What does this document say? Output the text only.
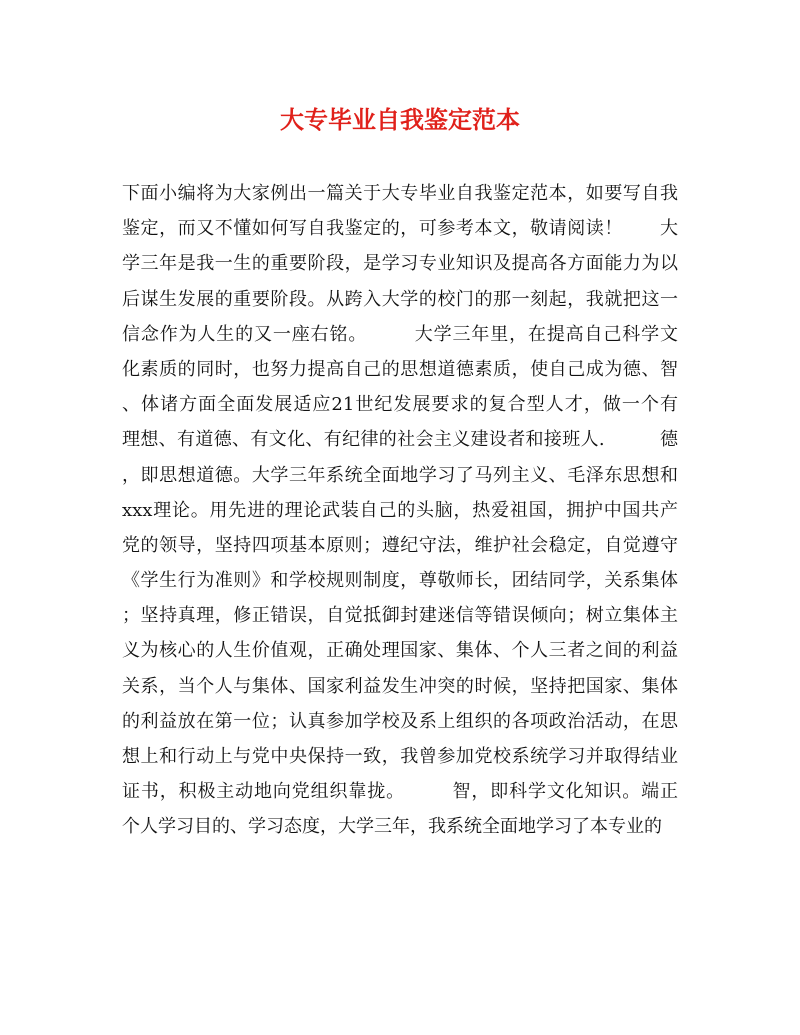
大专毕业自我鉴定范本
下面小编将为大家例出一篇关于大专毕业自我鉴定范本，如要写自我
鉴定，而又不懂如何写自我鉴定的，可参考本文，敬请阅读！　　大
学三年是我一生的重要阶段，是学习专业知识及提高各方面能力为以
后谋生发展的重要阶段。从跨入大学的校门的那一刻起，我就把这一
信念作为人生的又一座右铭。　　　大学三年里，在提高自己科学文
化素质的同时，也努力提高自己的思想道德素质，使自己成为德、智
、体诸方面全面发展适应21世纪发展要求的复合型人才，做一个有
理想、有道德、有文化、有纪律的社会主义建设者和接班人.　　　德
，即思想道德。大学三年系统全面地学习了马列主义、毛泽东思想和
xxx理论。用先进的理论武装自己的头脑，热爱祖国，拥护中国共产
党的领导，坚持四项基本原则；遵纪守法，维护社会稳定，自觉遵守
《学生行为准则》和学校规则制度，尊敬师长，团结同学，关系集体
；坚持真理，修正错误，自觉抵御封建迷信等错误倾向；树立集体主
义为核心的人生价值观，正确处理国家、集体、个人三者之间的利益
关系，当个人与集体、国家利益发生冲突的时候，坚持把国家、集体
的利益放在第一位；认真参加学校及系上组织的各项政治活动，在思
想上和行动上与党中央保持一致，我曾参加党校系统学习并取得结业
证书，积极主动地向党组织靠拢。　　　智，即科学文化知识。端正
个人学习目的、学习态度，大学三年，我系统全面地学习了本专业的
